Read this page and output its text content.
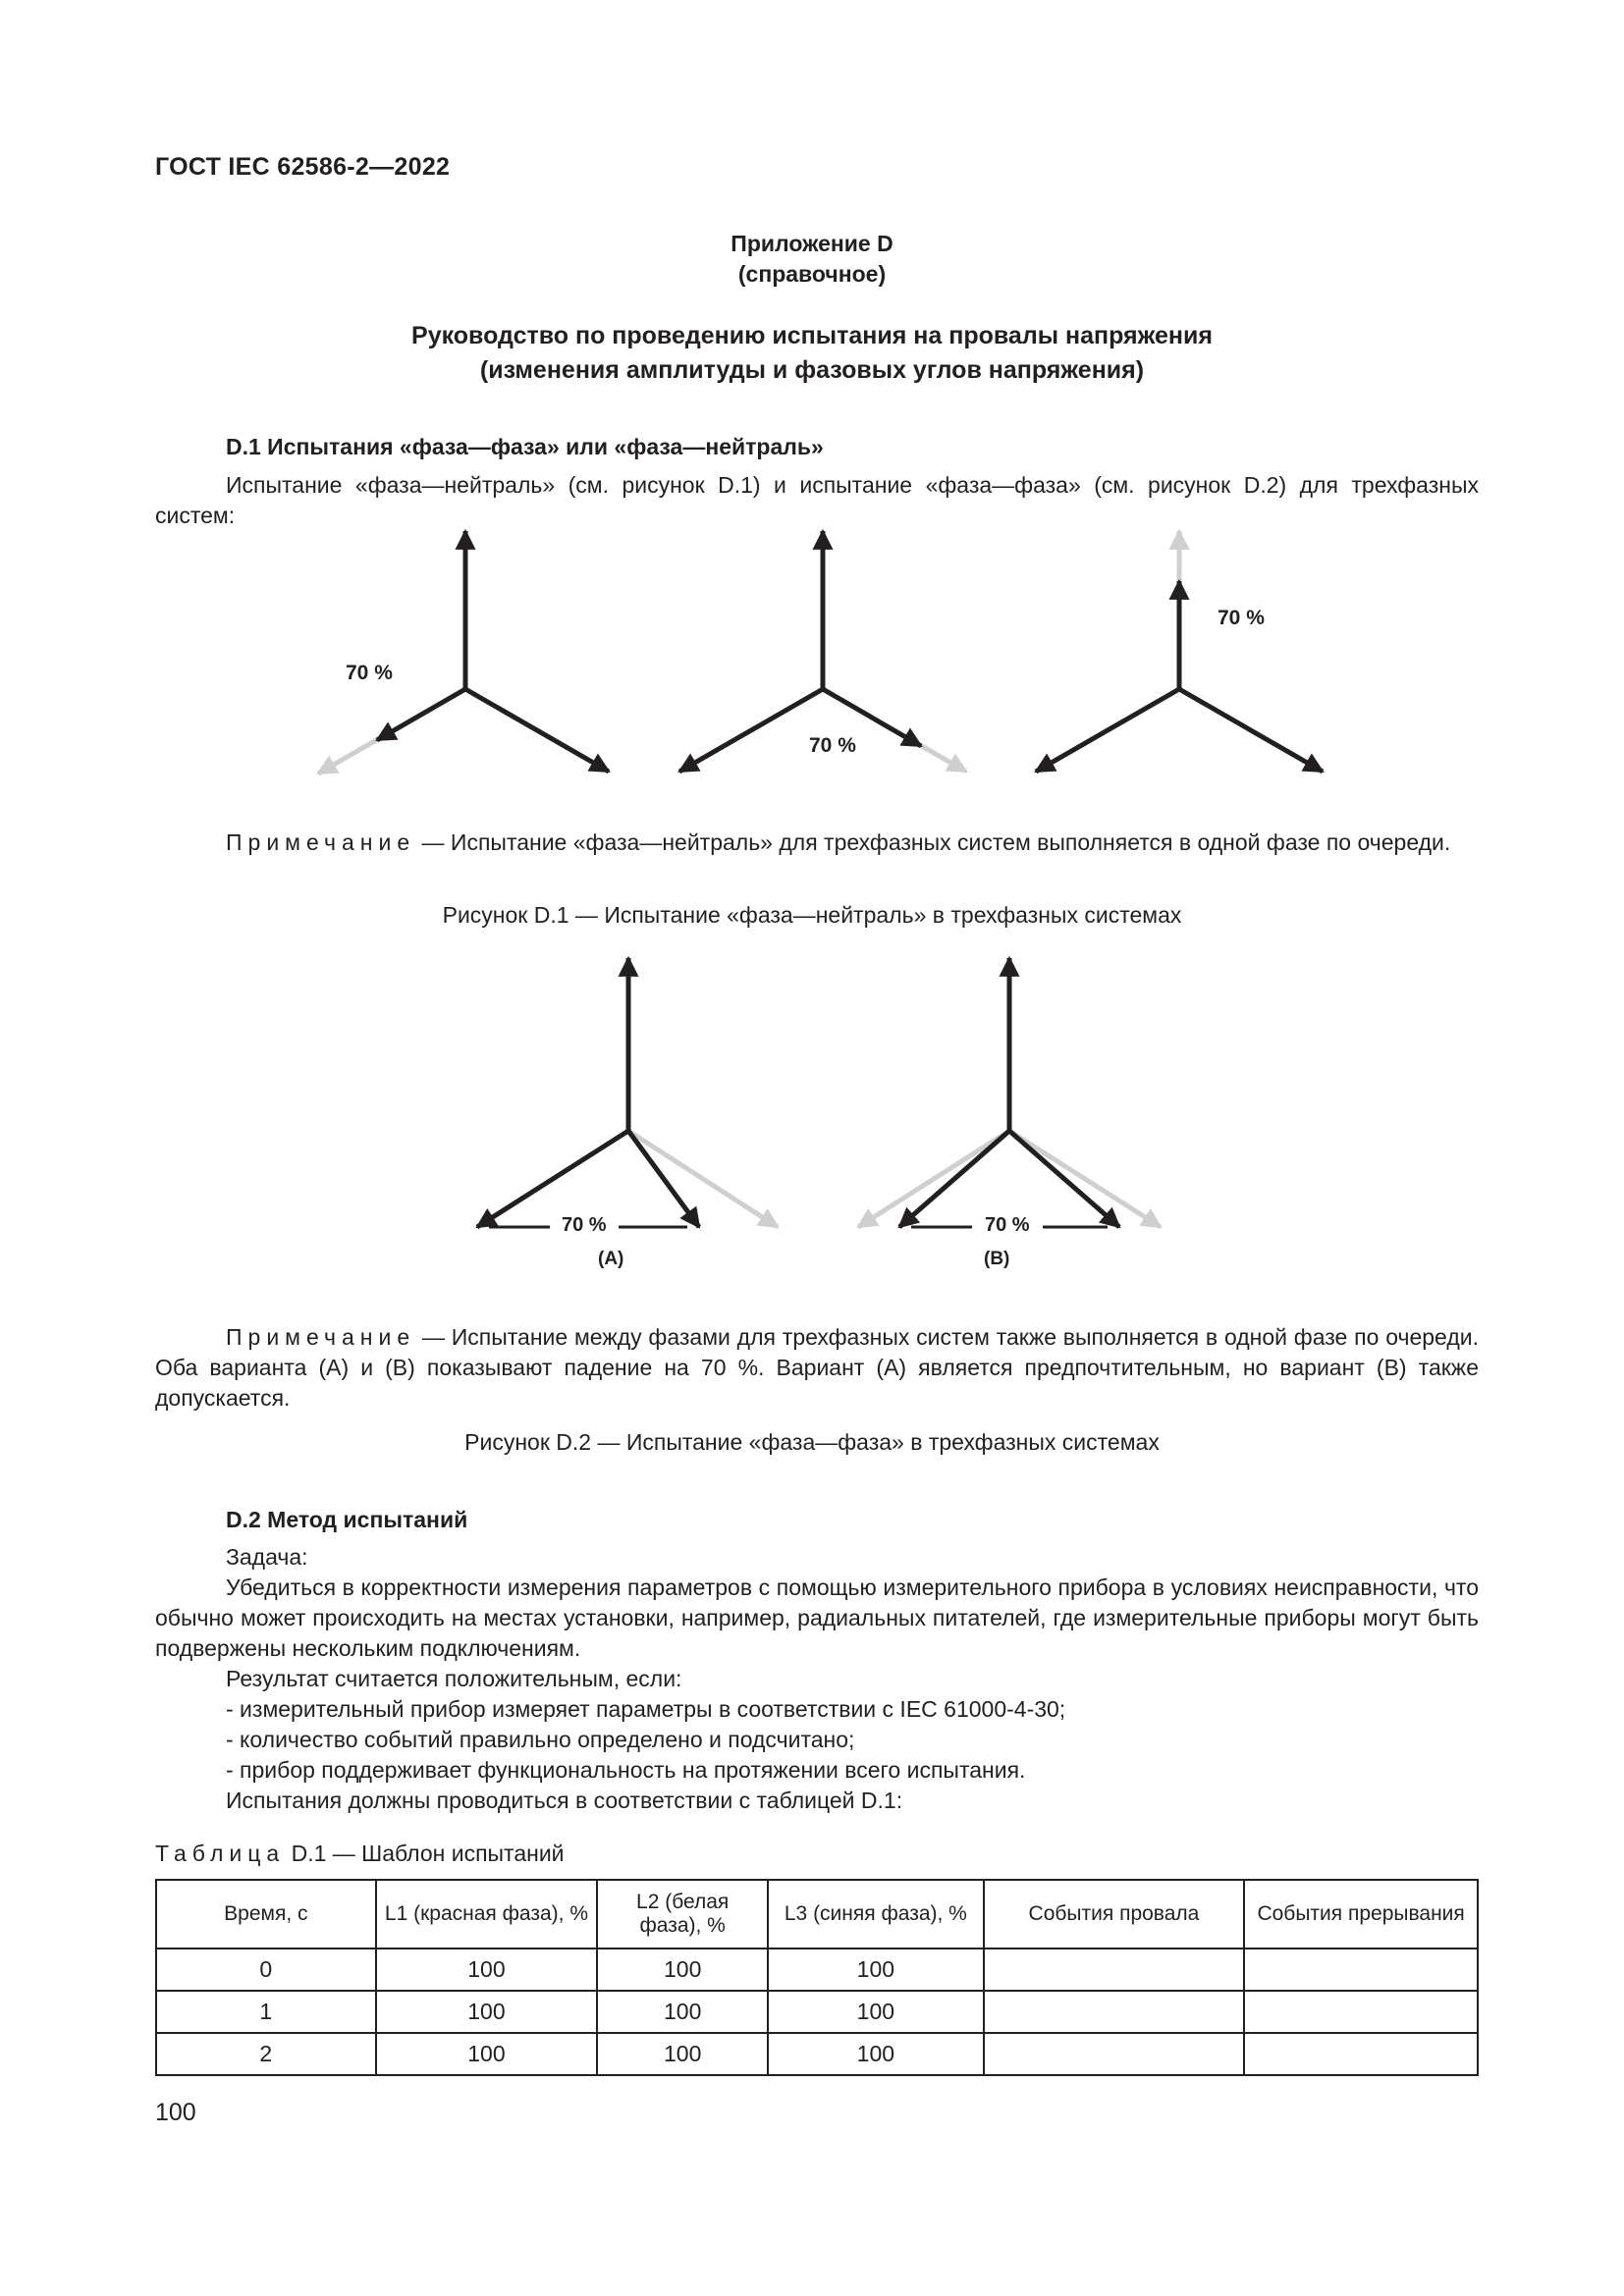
ГОСТ IEC 62586-2—2022
Приложение D
(справочное)
Руководство по проведению испытания на провалы напряжения
(изменения амплитуды и фазовых углов напряжения)
D.1 Испытания «фаза—фаза» или «фаза—нейтраль»
Испытание «фаза—нейтраль» (см. рисунок D.1) и испытание «фаза—фаза» (см. рисунок D.2) для трехфазных систем:
70 %
70 %
70 %
70 %
(A)
70 %
(B)
Примечание — Испытание «фаза—нейтраль» для трехфазных систем выполняется в одной фазе по очереди.
Рисунок D.1 — Испытание «фаза—нейтраль» в трехфазных системах
Примечание — Испытание между фазами для трехфазных систем также выполняется в одной фазе по очереди. Оба варианта (A) и (B) показывают падение на 70 %. Вариант (A) является предпочтительным, но вариант (B) также допускается.
Рисунок D.2 — Испытание «фаза—фаза» в трехфазных системах
D.2 Метод испытаний
Задача:
Убедиться в корректности измерения параметров с помощью измерительного прибора в условиях неисправности, что обычно может происходить на местах установки, например, радиальных питателей, где измерительные приборы могут быть подвержены нескольким подключениям.
Результат считается положительным, если:
- измерительный прибор измеряет параметры в соответствии с IEC 61000-4-30;
- количество событий правильно определено и подсчитано;
- прибор поддерживает функциональность на протяжении всего испытания.
Испытания должны проводиться в соответствии с таблицей D.1:
Таблица D.1 — Шаблон испытаний
Время, с	L1 (красная фаза), %	L2 (белая фаза), %	L3 (синяя фаза), %	События провала	События прерывания
0	100	100	100		
1	100	100	100		
2	100	100	100		
100
